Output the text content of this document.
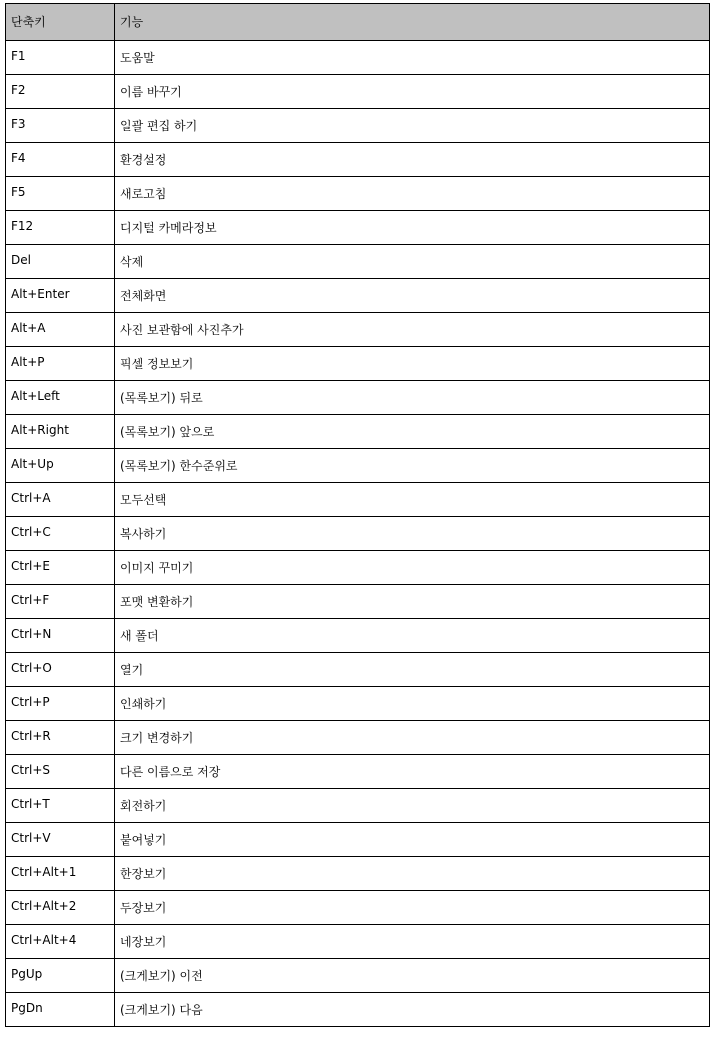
단축키	기능
F1	도움말
F2	이름 바꾸기
F3	일괄 편집 하기
F4	환경설정
F5	새로고침
F12	디지털 카메라정보
Del	삭제
Alt+Enter	전체화면
Alt+A	사진 보관함에 사진추가
Alt+P	픽셀 정보보기
Alt+Left	(목록보기) 뒤로
Alt+Right	(목록보기) 앞으로
Alt+Up	(목록보기) 한수준위로
Ctrl+A	모두선택
Ctrl+C	복사하기
Ctrl+E	이미지 꾸미기
Ctrl+F	포맷 변환하기
Ctrl+N	새 폴더
Ctrl+O	열기
Ctrl+P	인쇄하기
Ctrl+R	크기 변경하기
Ctrl+S	다른 이름으로 저장
Ctrl+T	회전하기
Ctrl+V	붙여넣기
Ctrl+Alt+1	한장보기
Ctrl+Alt+2	두장보기
Ctrl+Alt+4	네장보기
PgUp	(크게보기) 이전
PgDn	(크게보기) 다음
